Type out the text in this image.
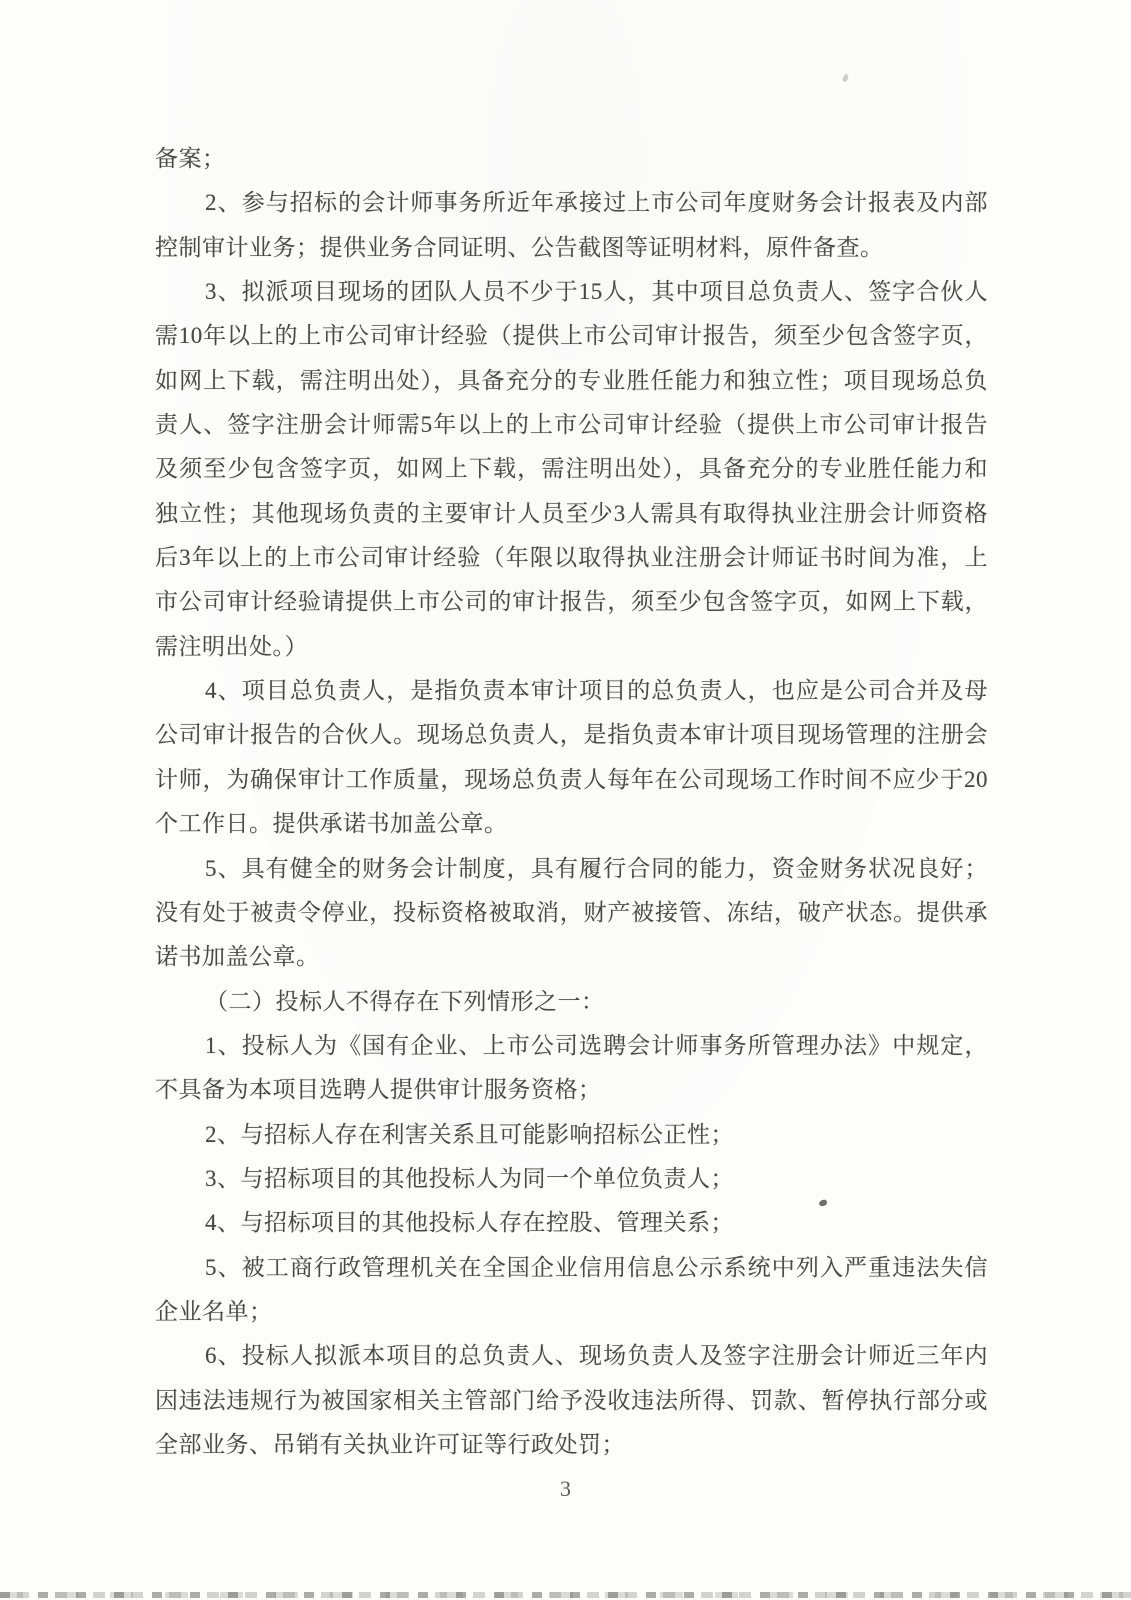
备案；
2、参与招标的会计师事务所近年承接过上市公司年度财务会计报表及内部
控制审计业务；提供业务合同证明、公告截图等证明材料，原件备查。
3、拟派项目现场的团队人员不少于15人，其中项目总负责人、签字合伙人
需10年以上的上市公司审计经验（提供上市公司审计报告，须至少包含签字页，
如网上下载，需注明出处），具备充分的专业胜任能力和独立性；项目现场总负
责人、签字注册会计师需5年以上的上市公司审计经验（提供上市公司审计报告
及须至少包含签字页，如网上下载，需注明出处），具备充分的专业胜任能力和
独立性；其他现场负责的主要审计人员至少3人需具有取得执业注册会计师资格
后3年以上的上市公司审计经验（年限以取得执业注册会计师证书时间为准，上
市公司审计经验请提供上市公司的审计报告，须至少包含签字页，如网上下载，
需注明出处。）
4、项目总负责人，是指负责本审计项目的总负责人，也应是公司合并及母
公司审计报告的合伙人。现场总负责人，是指负责本审计项目现场管理的注册会
计师，为确保审计工作质量，现场总负责人每年在公司现场工作时间不应少于20
个工作日。提供承诺书加盖公章。
5、具有健全的财务会计制度，具有履行合同的能力，资金财务状况良好；
没有处于被责令停业，投标资格被取消，财产被接管、冻结，破产状态。提供承
诺书加盖公章。
（二）投标人不得存在下列情形之一：
1、投标人为《国有企业、上市公司选聘会计师事务所管理办法》中规定，
不具备为本项目选聘人提供审计服务资格；
2、与招标人存在利害关系且可能影响招标公正性；
3、与招标项目的其他投标人为同一个单位负责人；
4、与招标项目的其他投标人存在控股、管理关系；
5、被工商行政管理机关在全国企业信用信息公示系统中列入严重违法失信
企业名单；
6、投标人拟派本项目的总负责人、现场负责人及签字注册会计师近三年内
因违法违规行为被国家相关主管部门给予没收违法所得、罚款、暂停执行部分或
全部业务、吊销有关执业许可证等行政处罚；
3
